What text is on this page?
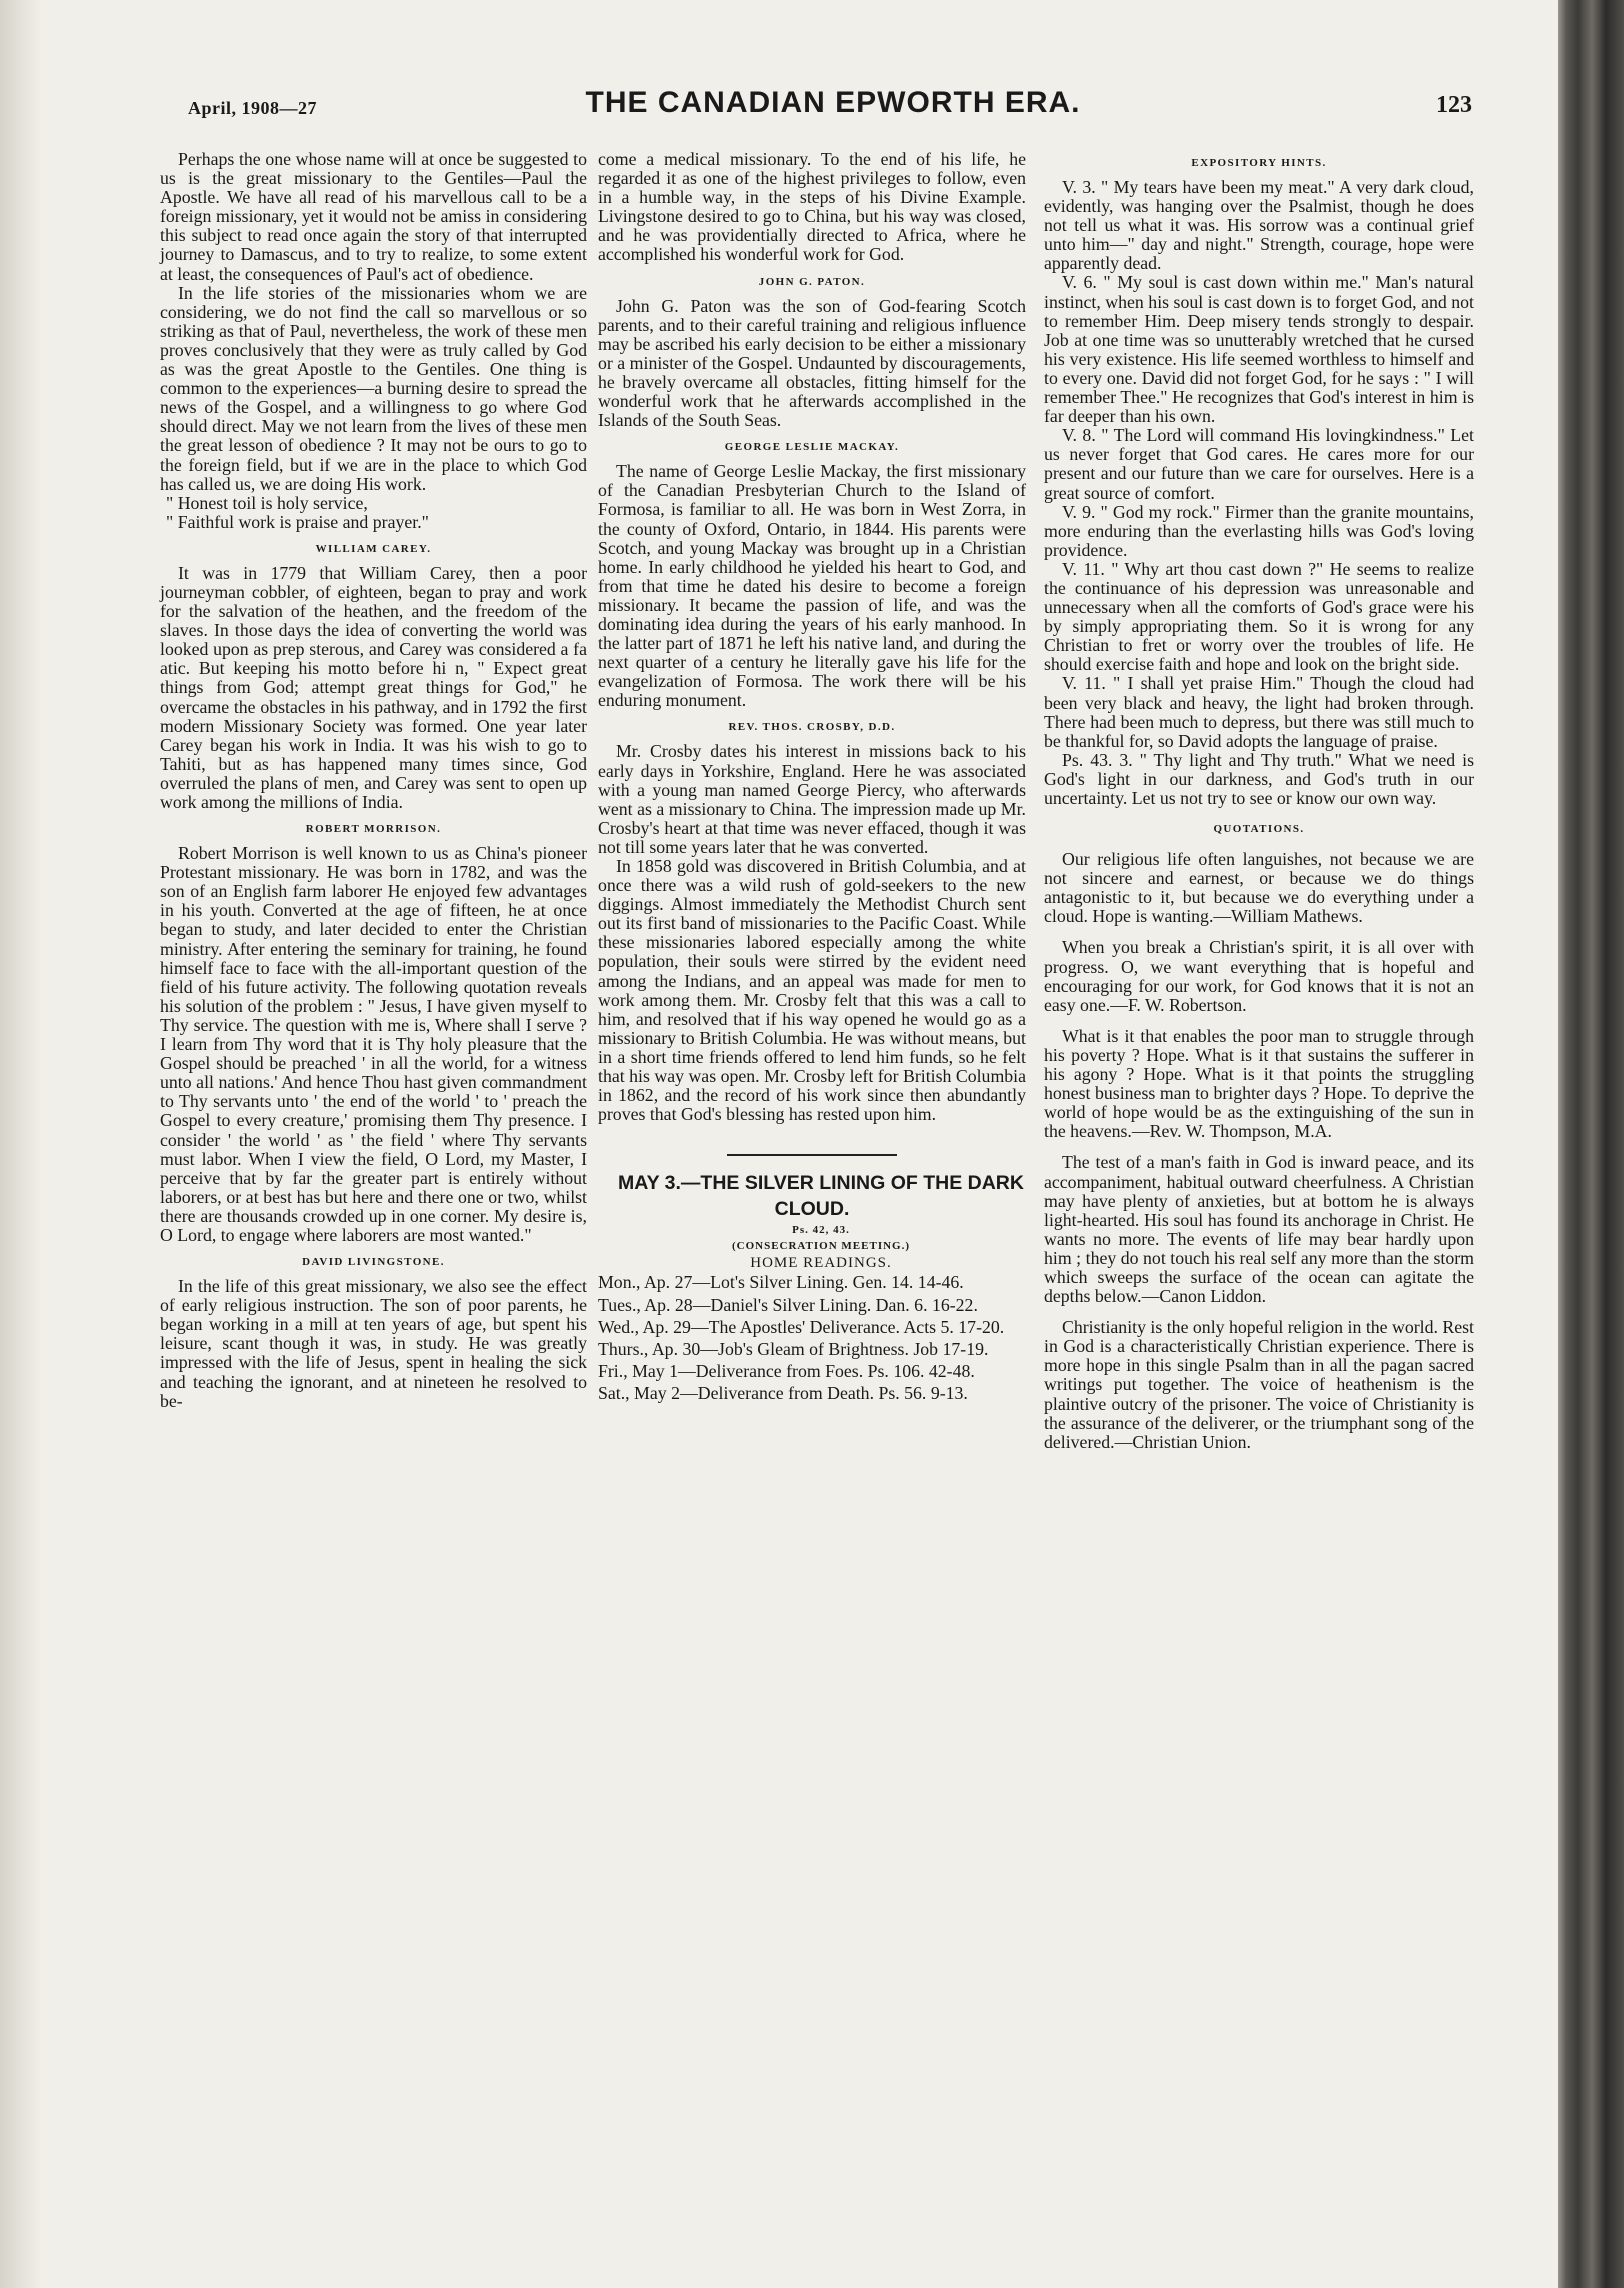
April, 1908—27	THE CANADIAN EPWORTH ERA.	123

Perhaps the one whose name will at once be suggested to us is the great missionary to the Gentiles—Paul the Apostle. We have all read of his marvellous call to be a foreign missionary, yet it would not be amiss in considering this subject to read once again the story of that interrupted journey to Damascus, and to try to realize, to some extent at least, the consequences of Paul's act of obedience.

In the life stories of the missionaries whom we are considering, we do not find the call so marvellous or so striking as that of Paul, nevertheless, the work of these men proves conclusively that they were as truly called by God as was the great Apostle to the Gentiles. One thing is common to the experiences—a burning desire to spread the news of the Gospel, and a willingness to go where God should direct. May we not learn from the lives of these men the great lesson of obedience ? It may not be ours to go to the foreign field, but if we are in the place to which God has called us, we are doing His work.

" Honest toil is holy service,

" Faithful work is praise and prayer."

WILLIAM CAREY.

It was in 1779 that William Carey, then a poor journeyman cobbler, of eighteen, began to pray and work for the salvation of the heathen, and the freedom of the slaves. In those days the idea of converting the world was looked upon as prep sterous, and Carey was considered a fa atic. But keeping his motto before hi n, " Expect great things from God; attempt great things for God," he overcame the obstacles in his pathway, and in 1792 the first modern Missionary Society was formed. One year later Carey began his work in India. It was his wish to go to Tahiti, but as has happened many times since, God overruled the plans of men, and Carey was sent to open up work among the millions of India.

ROBERT MORRISON.

Robert Morrison is well known to us as China's pioneer Protestant missionary. He was born in 1782, and was the son of an English farm laborer He enjoyed few advantages in his youth. Converted at the age of fifteen, he at once began to study, and later decided to enter the Christian ministry. After entering the seminary for training, he found himself face to face with the all-important question of the field of his future activity. The following quotation reveals his solution of the problem : " Jesus, I have given myself to Thy service. The question with me is, Where shall I serve ? I learn from Thy word that it is Thy holy pleasure that the Gospel should be preached ' in all the world, for a witness unto all nations.' And hence Thou hast given commandment to Thy servants unto ' the end of the world ' to ' preach the Gospel to every creature,' promising them Thy presence. I consider ' the world ' as ' the field ' where Thy servants must labor. When I view the field, O Lord, my Master, I perceive that by far the greater part is entirely without laborers, or at best has but here and there one or two, whilst there are thousands crowded up in one corner. My desire is, O Lord, to engage where laborers are most wanted."

DAVID LIVINGSTONE.

In the life of this great missionary, we also see the effect of early religious instruction. The son of poor parents, he began working in a mill at ten years of age, but spent his leisure, scant though it was, in study. He was greatly impressed with the life of Jesus, spent in healing the sick and teaching the ignorant, and at nineteen he resolved to be-

come a medical missionary. To the end of his life, he regarded it as one of the highest privileges to follow, even in a humble way, in the steps of his Divine Example. Livingstone desired to go to China, but his way was closed, and he was providentially directed to Africa, where he accomplished his wonderful work for God.

JOHN G. PATON.

John G. Paton was the son of God-fearing Scotch parents, and to their careful training and religious influence may be ascribed his early decision to be either a missionary or a minister of the Gospel. Undaunted by discouragements, he bravely overcame all obstacles, fitting himself for the wonderful work that he afterwards accomplished in the Islands of the South Seas.

GEORGE LESLIE MACKAY.

The name of George Leslie Mackay, the first missionary of the Canadian Presbyterian Church to the Island of Formosa, is familiar to all. He was born in West Zorra, in the county of Oxford, Ontario, in 1844. His parents were Scotch, and young Mackay was brought up in a Christian home. In early childhood he yielded his heart to God, and from that time he dated his desire to become a foreign missionary. It became the passion of life, and was the dominating idea during the years of his early manhood. In the latter part of 1871 he left his native land, and during the next quarter of a century he literally gave his life for the evangelization of Formosa. The work there will be his enduring monument.

REV. THOS. CROSBY, D.D.

Mr. Crosby dates his interest in missions back to his early days in Yorkshire, England. Here he was associated with a young man named George Piercy, who afterwards went as a missionary to China. The impression made up Mr. Crosby's heart at that time was never effaced, though it was not till some years later that he was converted.

In 1858 gold was discovered in British Columbia, and at once there was a wild rush of gold-seekers to the new diggings. Almost immediately the Methodist Church sent out its first band of missionaries to the Pacific Coast. While these missionaries labored especially among the white population, their souls were stirred by the evident need among the Indians, and an appeal was made for men to work among them. Mr. Crosby felt that this was a call to him, and resolved that if his way opened he would go as a missionary to British Columbia. He was without means, but in a short time friends offered to lend him funds, so he felt that his way was open. Mr. Crosby left for British Columbia in 1862, and the record of his work since then abundantly proves that God's blessing has rested upon him.

MAY 3.—THE SILVER LINING OF THE DARK CLOUD.

Ps. 42, 43.

(CONSECRATION MEETING.)

HOME READINGS.

Mon., Ap. 27—Lot's Silver Lining. Gen. 14. 14-46.

Tues., Ap. 28—Daniel's Silver Lining. Dan. 6. 16-22.

Wed., Ap. 29—The Apostles' Deliverance. Acts 5. 17-20.

Thurs., Ap. 30—Job's Gleam of Brightness. Job 17-19.

Fri., May 1—Deliverance from Foes. Ps. 106. 42-48.

Sat., May 2—Deliverance from Death. Ps. 56. 9-13.

EXPOSITORY HINTS.

V. 3. " My tears have been my meat." A very dark cloud, evidently, was hanging over the Psalmist, though he does not tell us what it was. His sorrow was a continual grief unto him—" day and night." Strength, courage, hope were apparently dead.

V. 6. " My soul is cast down within me." Man's natural instinct, when his soul is cast down is to forget God, and not to remember Him. Deep misery tends strongly to despair. Job at one time was so unutterably wretched that he cursed his very existence. His life seemed worthless to himself and to every one. David did not forget God, for he says : " I will remember Thee." He recognizes that God's interest in him is far deeper than his own.

V. 8. " The Lord will command His lovingkindness." Let us never forget that God cares. He cares more for our present and our future than we care for ourselves. Here is a great source of comfort.

V. 9. " God my rock." Firmer than the granite mountains, more enduring than the everlasting hills was God's loving providence.

V. 11. " Why art thou cast down ?" He seems to realize the continuance of his depression was unreasonable and unnecessary when all the comforts of God's grace were his by simply appropriating them. So it is wrong for any Christian to fret or worry over the troubles of life. He should exercise faith and hope and look on the bright side.

V. 11. " I shall yet praise Him." Though the cloud had been very black and heavy, the light had broken through. There had been much to depress, but there was still much to be thankful for, so David adopts the language of praise.

Ps. 43. 3. " Thy light and Thy truth." What we need is God's light in our darkness, and God's truth in our uncertainty. Let us not try to see or know our own way.

QUOTATIONS.

Our religious life often languishes, not because we are not sincere and earnest, or because we do things antagonistic to it, but because we do everything under a cloud. Hope is wanting.—William Mathews.

When you break a Christian's spirit, it is all over with progress. O, we want everything that is hopeful and encouraging for our work, for God knows that it is not an easy one.—F. W. Robertson.

What is it that enables the poor man to struggle through his poverty ? Hope. What is it that sustains the sufferer in his agony ? Hope. What is it that points the struggling honest business man to brighter days ? Hope. To deprive the world of hope would be as the extinguishing of the sun in the heavens.—Rev. W. Thompson, M.A.

The test of a man's faith in God is inward peace, and its accompaniment, habitual outward cheerfulness. A Christian may have plenty of anxieties, but at bottom he is always light-hearted. His soul has found its anchorage in Christ. He wants no more. The events of life may bear hardly upon him ; they do not touch his real self any more than the storm which sweeps the surface of the ocean can agitate the depths below.—Canon Liddon.

Christianity is the only hopeful religion in the world. Rest in God is a characteristically Christian experience. There is more hope in this single Psalm than in all the pagan sacred writings put together. The voice of heathenism is the plaintive outcry of the prisoner. The voice of Christianity is the assurance of the deliverer, or the triumphant song of the delivered.—Christian Union.
